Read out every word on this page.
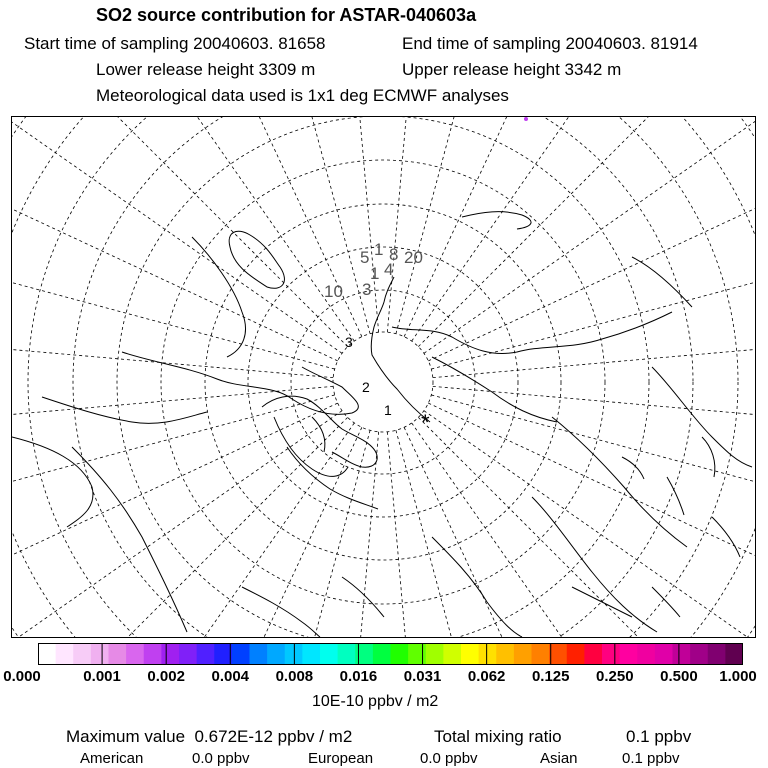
SO2 source contribution for ASTAR-040603a
Start time of sampling 20040603. 81658	End time of sampling 20040603. 81914
Lower release height 3309 m	Upper release height 3342 m
Meteorological data used is 1x1 deg ECMWF analyses
1
2
3
5 1 8 20
1 4
10 3
*
0.000	0.001 0.002 0.004 0.008 0.016 0.031 0.062 0.125 0.250 0.500 1.000
10E-10 ppbv / m2
Maximum value  0.672E-12 ppbv / m2	Total mixing ratio	0.1 ppbv
American	0.0 ppbv	European	0.0 ppbv	Asian	0.1 ppbv
